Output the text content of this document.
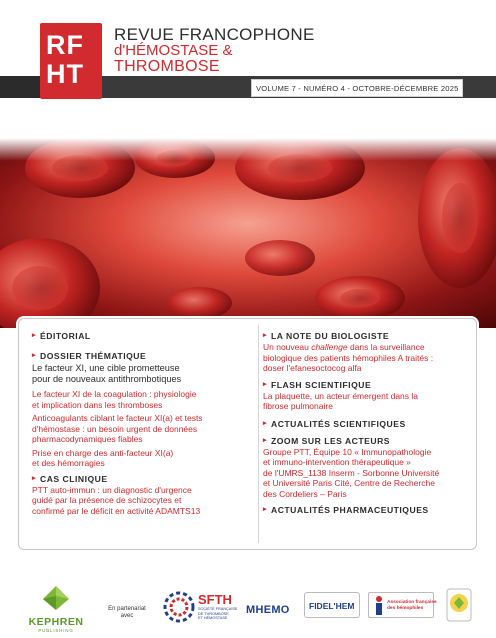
RF
HT
REVUE FRANCOPHONE
d'HÉMOSTASE &
THROMBOSE
VOLUME 7 - NUMÉRO 4 - OCTOBRE-DÉCEMBRE 2025
▸
ÉDITORIAL
▸
DOSSIER THÉMATIQUE
Le facteur XI, une cible prometteuse
pour de nouveaux antithrombotiques
Le facteur XI de la coagulation : physiologie
et implication dans les thromboses
Anticoagulants ciblant le facteur XI(a) et tests
d'hémostase : un besoin urgent de données
pharmacodynamiques fiables
Prise en charge des anti-facteur XI(a)
et des hémorragies
▸
CAS CLINIQUE
PTT auto-immun : un diagnostic d'urgence
guidé par la présence de schizocytes et
confirmé par le déficit en activité ADAMTS13
▸
LA NOTE DU BIOLOGISTE
Un nouveau challenge dans la surveillance
biologique des patients hémophiles A traités :
doser l'efanesoctocog alfa
▸
FLASH SCIENTIFIQUE
La plaquette, un acteur émergent dans la
fibrose pulmonaire
▸
ACTUALITÉS SCIENTIFIQUES
▸
ZOOM SUR LES ACTEURS
Groupe PTT, Équipe 10 « Immunopathologie
et immuno-intervention thérapeutique »
de l'UMRS_1138 Inserm - Sorbonne Université
et Université Paris Cité, Centre de Recherche
des Cordeliers – Paris
▸
ACTUALITÉS PHARMACEUTIQUES
KEPHREN
PUBLISHING
En partenariat
avec
SFTH
SOCIÉTÉ FRANÇAISE
DE THROMBOSE
ET HÉMOSTASE
MHEMO	FIDEL'HEM	Association française
des hémophiles
